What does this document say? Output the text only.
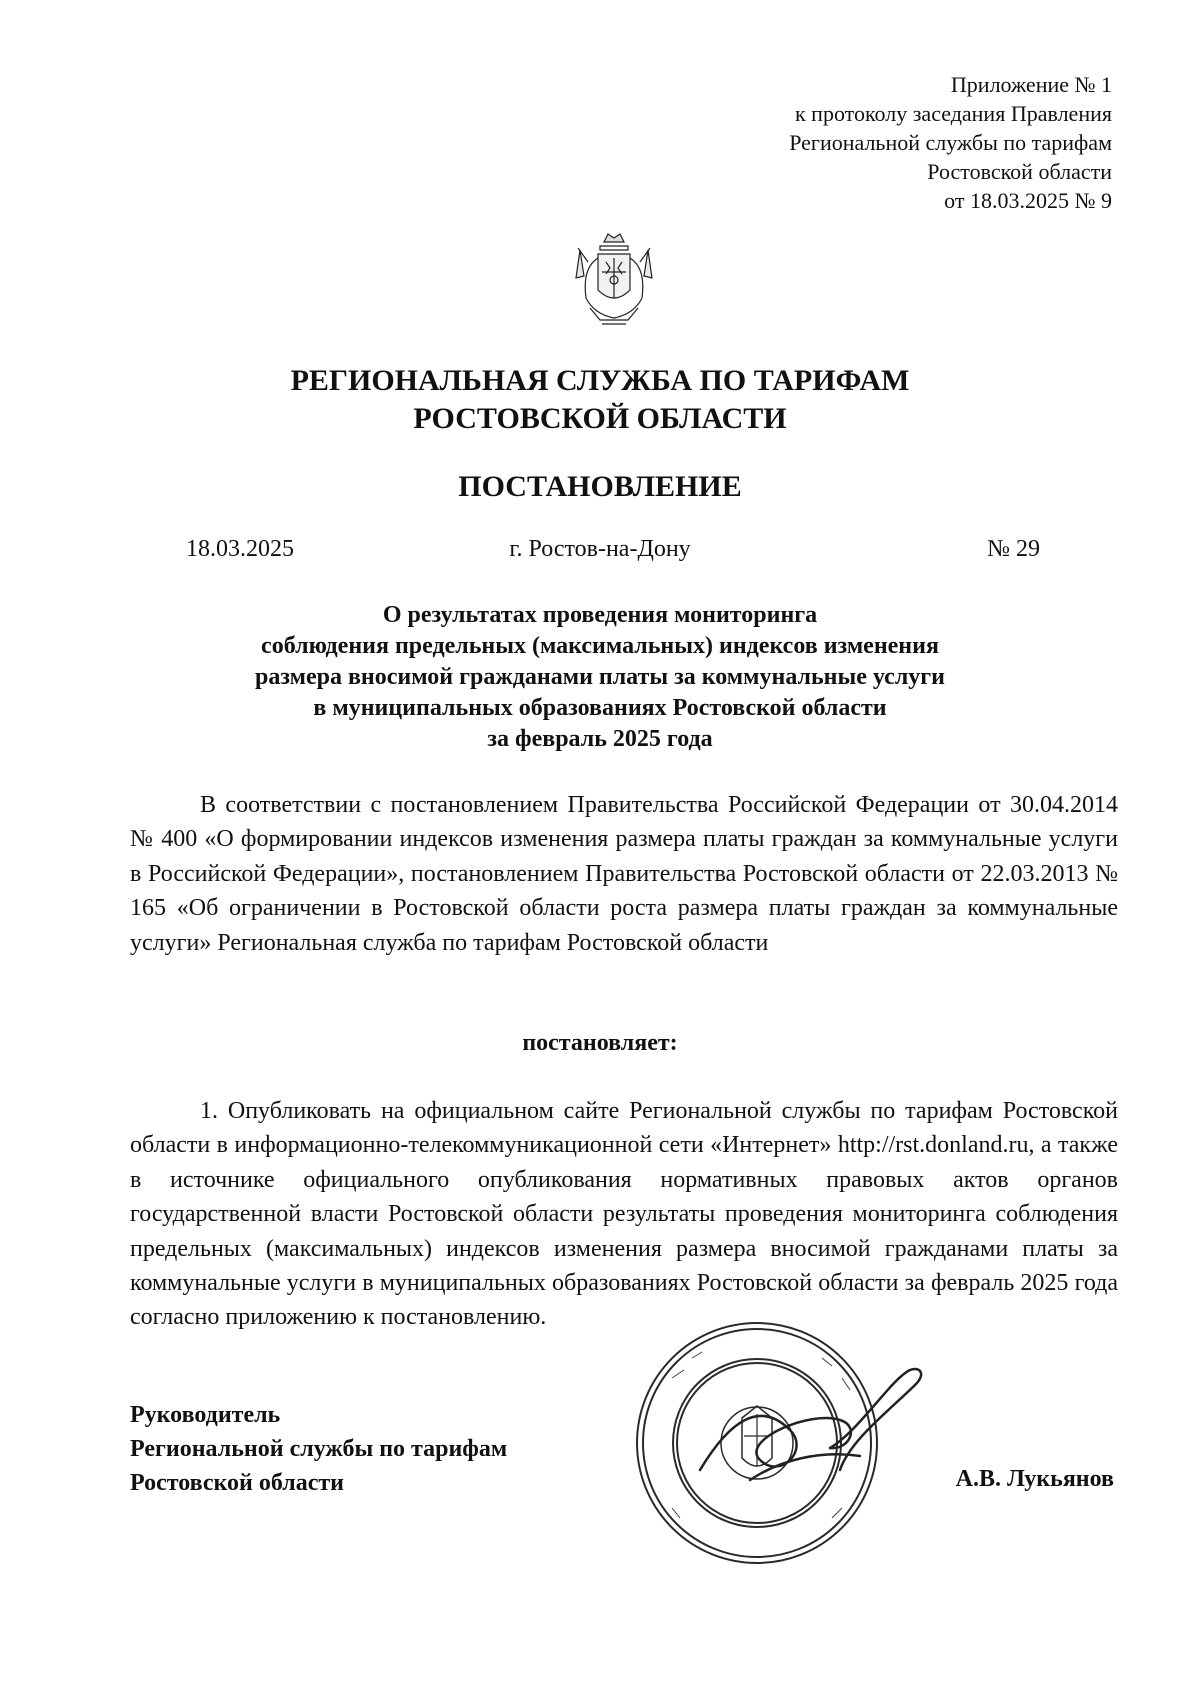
Приложение № 1
к протоколу заседания Правления
Региональной службы по тарифам
Ростовской области
от 18.03.2025 № 9
РЕГИОНАЛЬНАЯ СЛУЖБА ПО ТАРИФАМ
РОСТОВСКОЙ ОБЛАСТИ
ПОСТАНОВЛЕНИЕ
г. Ростов-на-Дону
18.03.2025	№ 29
О результатах проведения мониторинга
соблюдения предельных (максимальных) индексов изменения
размера вносимой гражданами платы за коммунальные услуги
в муниципальных образованиях Ростовской области
за февраль 2025 года

В соответствии с постановлением Правительства Российской Федерации от 30.04.2014 № 400 «О формировании индексов изменения размера платы граждан за коммунальные услуги в Российской Федерации», постановлением Правительства Ростовской области от 22.03.2013 № 165 «Об ограничении в Ростовской области роста размера платы граждан за коммунальные услуги» Региональная служба по тарифам Ростовской области

постановляет:

1. Опубликовать на официальном сайте Региональной службы по тарифам Ростовской области в информационно-телекоммуникационной сети «Интернет» http://rst.donland.ru, а также в источнике официального опубликования нормативных правовых актов органов государственной власти Ростовской области результаты проведения мониторинга соблюдения предельных (максимальных) индексов изменения размера вносимой гражданами платы за коммунальные услуги в муниципальных образованиях Ростовской области за февраль 2025 года согласно приложению к постановлению.

Руководитель
Региональной службы по тарифам
Ростовской области	А.В. Лукьянов
